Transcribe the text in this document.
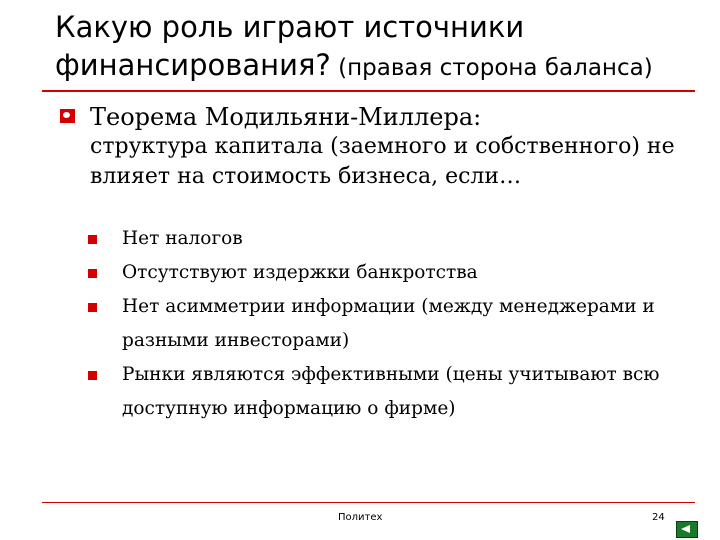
Какую роль играют источники
финансирования? (правая сторона баланса)
Теорема Модильяни-Миллера:
структура капитала (заемного и собственного) не влияет на стоимость бизнеса, если…
Нет налогов
Отсутствуют издержки банкротства
Нет асимметрии информации (между менеджерами и разными инвесторами)
Рынки являются эффективными (цены учитывают всю доступную информацию о фирме)
Политех	24
